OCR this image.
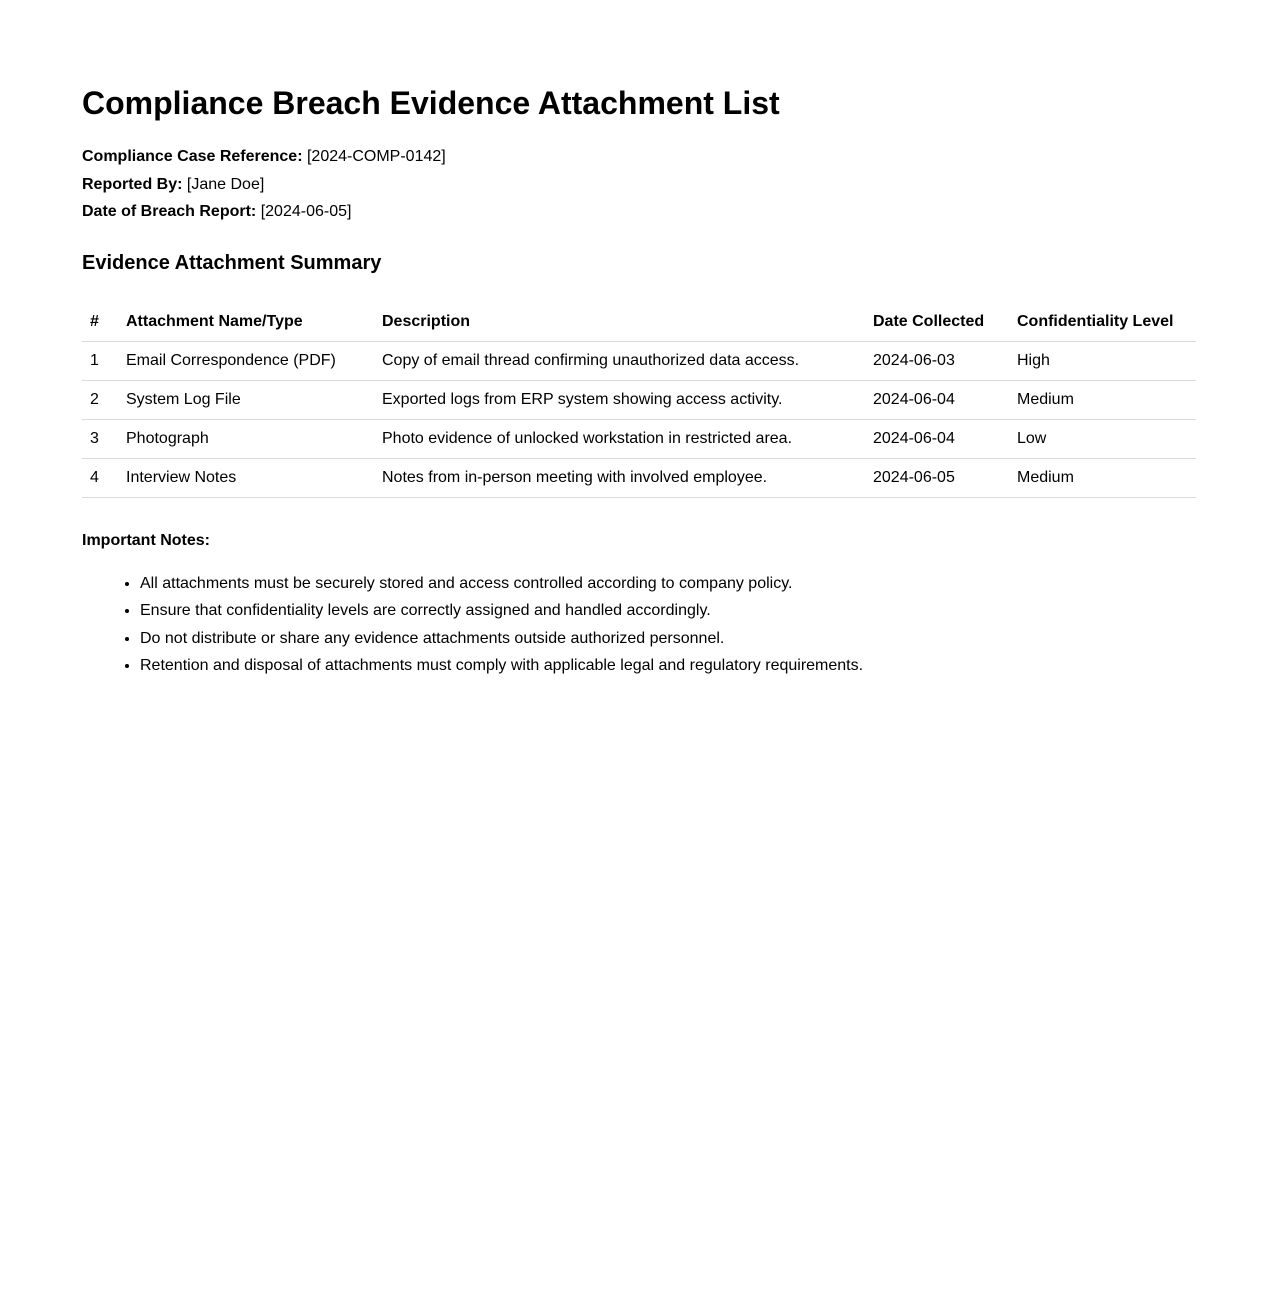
Compliance Breach Evidence Attachment List
Compliance Case Reference: [2024-COMP-0142]
Reported By: [Jane Doe]
Date of Breach Report: [2024-06-05]
Evidence Attachment Summary
#	Attachment Name/Type	Description	Date Collected	Confidentiality Level
1	Email Correspondence (PDF)	Copy of email thread confirming unauthorized data access.	2024-06-03	High
2	System Log File	Exported logs from ERP system showing access activity.	2024-06-04	Medium
3	Photograph	Photo evidence of unlocked workstation in restricted area.	2024-06-04	Low
4	Interview Notes	Notes from in-person meeting with involved employee.	2024-06-05	Medium
Important Notes:
• All attachments must be securely stored and access controlled according to company policy.
• Ensure that confidentiality levels are correctly assigned and handled accordingly.
• Do not distribute or share any evidence attachments outside authorized personnel.
• Retention and disposal of attachments must comply with applicable legal and regulatory requirements.
